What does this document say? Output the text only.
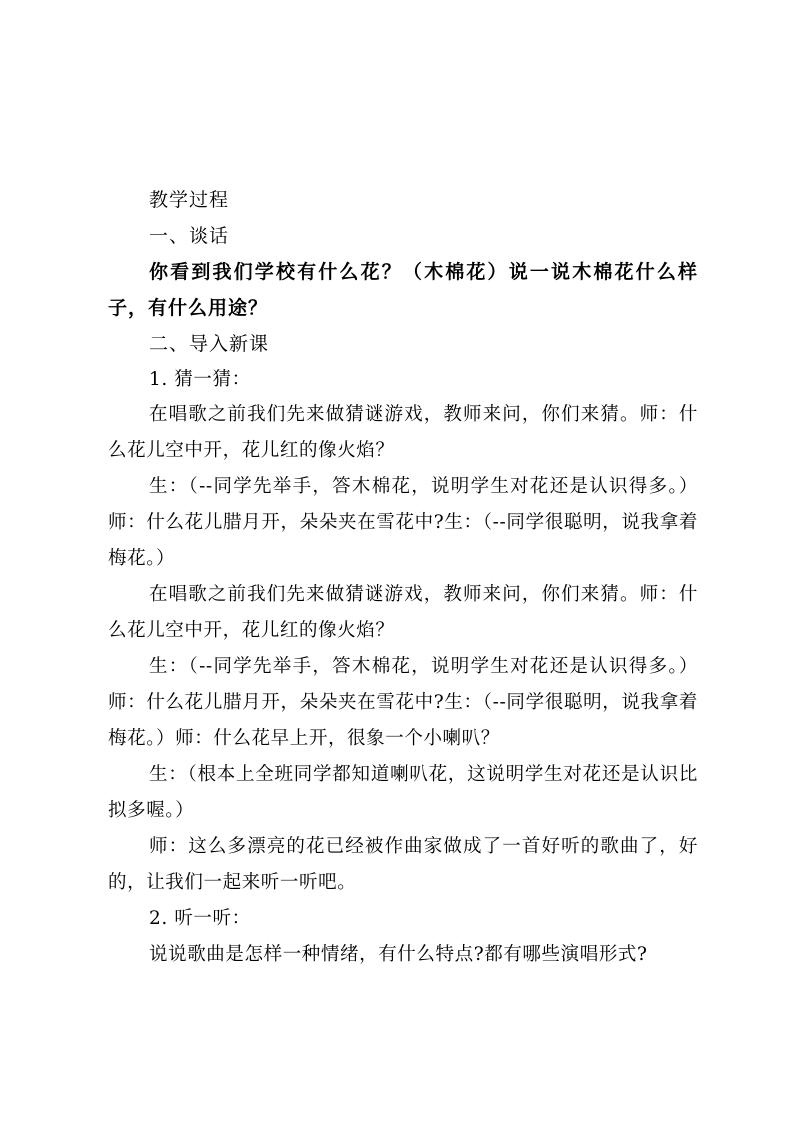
教学过程

一、谈话

你看到我们学校有什么花？（木棉花）说一说木棉花什么样子，有什么用途？

二、导入新课

1. 猜一猜：

在唱歌之前我们先来做猜谜游戏，教师来问，你们来猜。师：什么花儿空中开，花儿红的像火焰？

生：（--同学先举手，答木棉花，说明学生对花还是认识得多。）师：什么花儿腊月开，朵朵夹在雪花中?生：（--同学很聪明，说我拿着梅花。）

在唱歌之前我们先来做猜谜游戏，教师来问，你们来猜。师：什么花儿空中开，花儿红的像火焰？

生：（--同学先举手，答木棉花，说明学生对花还是认识得多。）师：什么花儿腊月开，朵朵夹在雪花中?生：（--同学很聪明，说我拿着梅花。）师：什么花早上开，很象一个小喇叭？

生：（根本上全班同学都知道喇叭花，这说明学生对花还是认识比拟多喔。）

师：这么多漂亮的花已经被作曲家做成了一首好听的歌曲了，好的，让我们一起来听一听吧。

2. 听一听：

说说歌曲是怎样一种情绪，有什么特点?都有哪些演唱形式?
